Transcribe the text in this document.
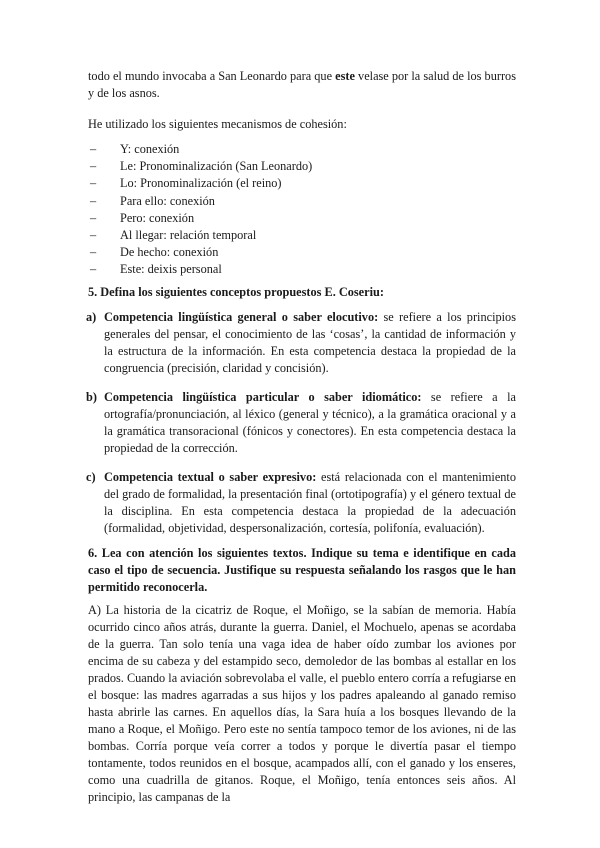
todo el mundo invocaba a San Leonardo para que este velase por la salud de los burros y de los asnos.

He utilizado los siguientes mecanismos de cohesión:

– Y: conexión
– Le: Pronominalización (San Leonardo)
– Lo: Pronominalización (el reino)
– Para ello: conexión
– Pero: conexión
– Al llegar: relación temporal
– De hecho: conexión
– Este: deixis personal

5. Defina los siguientes conceptos propuestos E. Coseriu:

a) Competencia lingüística general o saber elocutivo: se refiere a los principios generales del pensar, el conocimiento de las ‘cosas’, la cantidad de información y la estructura de la información. En esta competencia destaca la propiedad de la congruencia (precisión, claridad y concisión).

b) Competencia lingüística particular o saber idiomático: se refiere a la ortografía/pronunciación, al léxico (general y técnico), a la gramática oracional y a la gramática transoracional (fónicos y conectores). En esta competencia destaca la propiedad de la corrección.

c) Competencia textual o saber expresivo: está relacionada con el mantenimiento del grado de formalidad, la presentación final (ortotipografía) y el género textual de la disciplina. En esta competencia destaca la propiedad de la adecuación (formalidad, objetividad, despersonalización, cortesía, polifonía, evaluación).

6. Lea con atención los siguientes textos. Indique su tema e identifique en cada caso el tipo de secuencia. Justifique su respuesta señalando los rasgos que le han permitido reconocerla.

A) La historia de la cicatriz de Roque, el Moñigo, se la sabían de memoria. Había ocurrido cinco años atrás, durante la guerra. Daniel, el Mochuelo, apenas se acordaba de la guerra. Tan solo tenía una vaga idea de haber oído zumbar los aviones por encima de su cabeza y del estampido seco, demoledor de las bombas al estallar en los prados. Cuando la aviación sobrevolaba el valle, el pueblo entero corría a refugiarse en el bosque: las madres agarradas a sus hijos y los padres apaleando al ganado remiso hasta abrirle las carnes. En aquellos días, la Sara huía a los bosques llevando de la mano a Roque, el Moñigo. Pero este no sentía tampoco temor de los aviones, ni de las bombas. Corría porque veía correr a todos y porque le divertía pasar el tiempo tontamente, todos reunidos en el bosque, acampados allí, con el ganado y los enseres, como una cuadrilla de gitanos. Roque, el Moñigo, tenía entonces seis años. Al principio, las campanas de la
